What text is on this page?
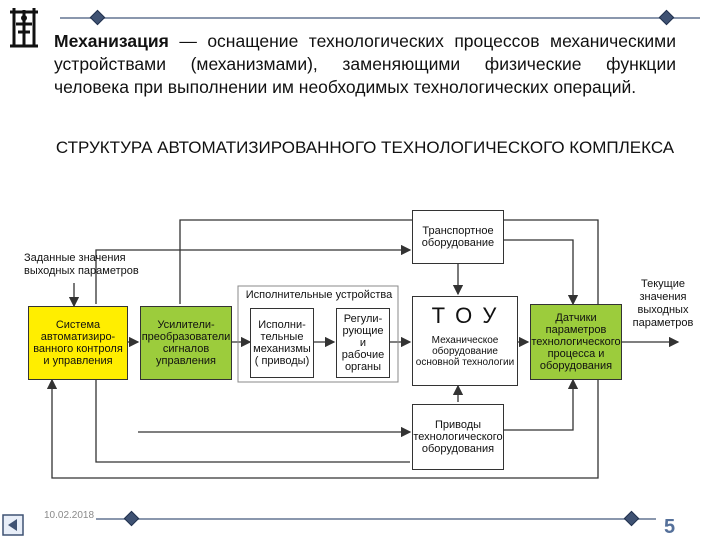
Механизация — оснащение технологических процессов механическими устройствами (механизмами), заменяющими физические функции человека при выполнении им необходимых технологических операций.
СТРУКТУРА АВТОМАТИЗИРОВАННОГО ТЕХНОЛОГИЧЕСКОГО КОМПЛЕКСА
Заданные значения выходных параметров
Текущие значения выходных параметров
Система автоматизиро-ванного контроля и управления
Усилители-преобразователи сигналов управления
Исполнительные устройства
Исполни-тельные механизмы ( приводы)
Регули-рующие и рабочие органы
Т О У
Механическое оборудование основной технологии
Транспортное оборудование
Датчики параметров технологического процесса и оборудования
Приводы технологического оборудования
10.02.2018
5
